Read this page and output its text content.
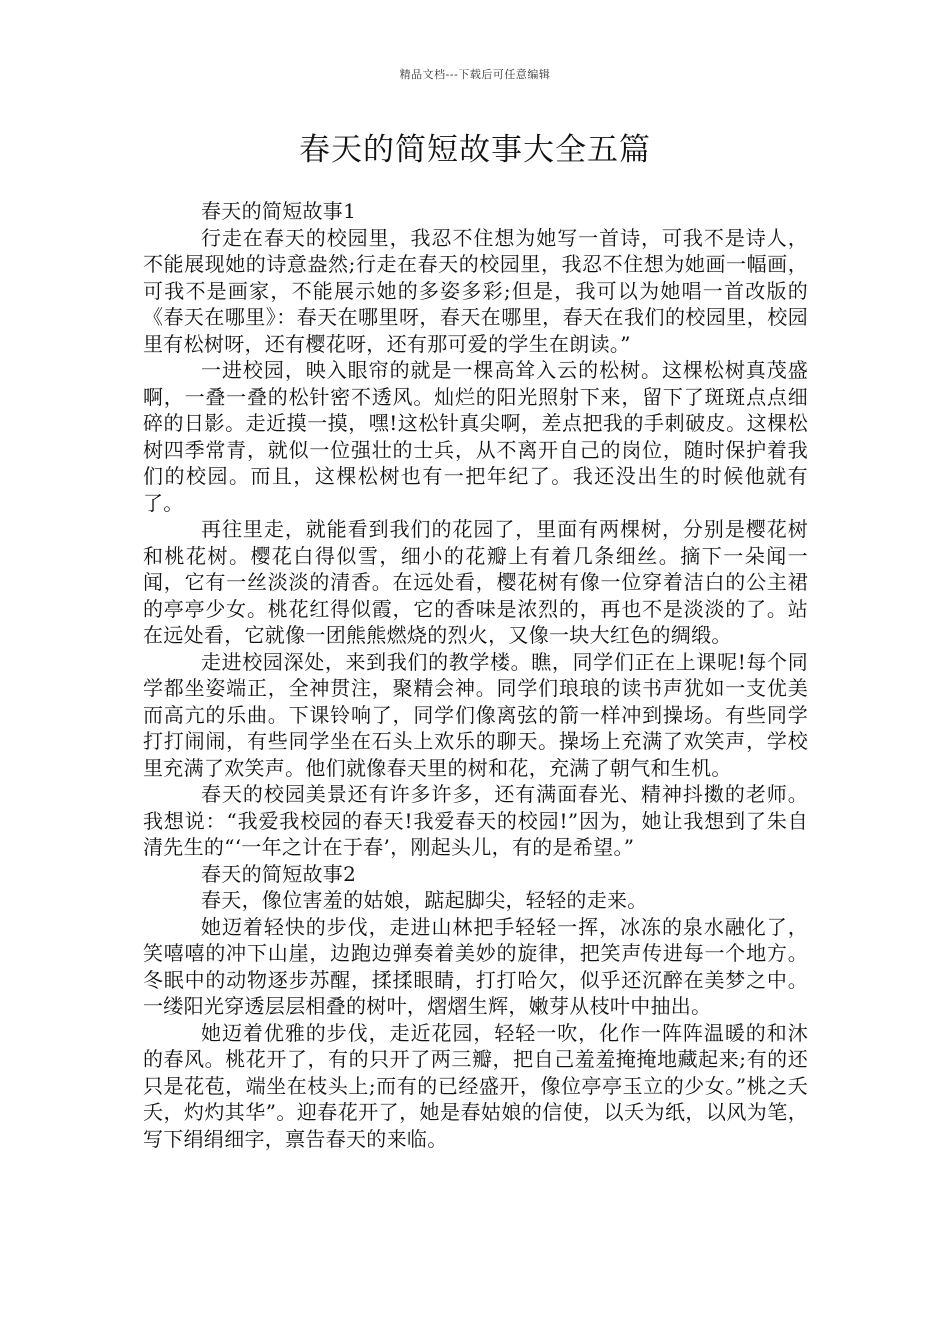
精品文档---下载后可任意编辑
春天的简短故事大全五篇

春天的简短故事1

行走在春天的校园里，我忍不住想为她写一首诗，可我不是诗人，不能展现她的诗意盎然;行走在春天的校园里，我忍不住想为她画一幅画，可我不是画家，不能展示她的多姿多彩;但是，我可以为她唱一首改版的《春天在哪里》：春天在哪里呀，春天在哪里，春天在我们的校园里，校园里有松树呀，还有樱花呀，还有那可爱的学生在朗读。”

一进校园，映入眼帘的就是一棵高耸入云的松树。这棵松树真茂盛啊，一叠一叠的松针密不透风。灿烂的阳光照射下来，留下了斑斑点点细碎的日影。走近摸一摸，嘿!这松针真尖啊，差点把我的手刺破皮。这棵松树四季常青，就似一位强壮的士兵，从不离开自己的岗位，随时保护着我们的校园。而且，这棵松树也有一把年纪了。我还没出生的时候他就有了。

再往里走，就能看到我们的花园了，里面有两棵树，分别是樱花树和桃花树。樱花白得似雪，细小的花瓣上有着几条细丝。摘下一朵闻一闻，它有一丝淡淡的清香。在远处看，樱花树有像一位穿着洁白的公主裙的亭亭少女。桃花红得似霞，它的香味是浓烈的，再也不是淡淡的了。站在远处看，它就像一团熊熊燃烧的烈火，又像一块大红色的绸缎。

走进校园深处，来到我们的教学楼。瞧，同学们正在上课呢!每个同学都坐姿端正，全神贯注，聚精会神。同学们琅琅的读书声犹如一支优美而高亢的乐曲。下课铃响了，同学们像离弦的箭一样冲到操场。有些同学打打闹闹，有些同学坐在石头上欢乐的聊天。操场上充满了欢笑声，学校里充满了欢笑声。他们就像春天里的树和花，充满了朝气和生机。

春天的校园美景还有许多许多，还有满面春光、精神抖擞的老师。我想说：“我爱我校园的春天!我爱春天的校园!”因为，她让我想到了朱自清先生的“‘一年之计在于春’，刚起头儿，有的是希望。”

春天的简短故事2

春天，像位害羞的姑娘，踮起脚尖，轻轻的走来。

她迈着轻快的步伐，走进山林把手轻轻一挥，冰冻的泉水融化了，笑嘻嘻的冲下山崖，边跑边弹奏着美妙的旋律，把笑声传进每一个地方。冬眠中的动物逐步苏醒，揉揉眼睛，打打哈欠，似乎还沉醉在美梦之中。一缕阳光穿透层层相叠的树叶，熠熠生辉，嫩芽从枝叶中抽出。

她迈着优雅的步伐，走近花园，轻轻一吹，化作一阵阵温暖的和沐的春风。桃花开了，有的只开了两三瓣，把自己羞羞掩掩地藏起来;有的还只是花苞，端坐在枝头上;而有的已经盛开，像位亭亭玉立的少女。”桃之夭夭，灼灼其华”。迎春花开了，她是春姑娘的信使，以夭为纸，以风为笔，写下绢绢细字，禀告春天的来临。
